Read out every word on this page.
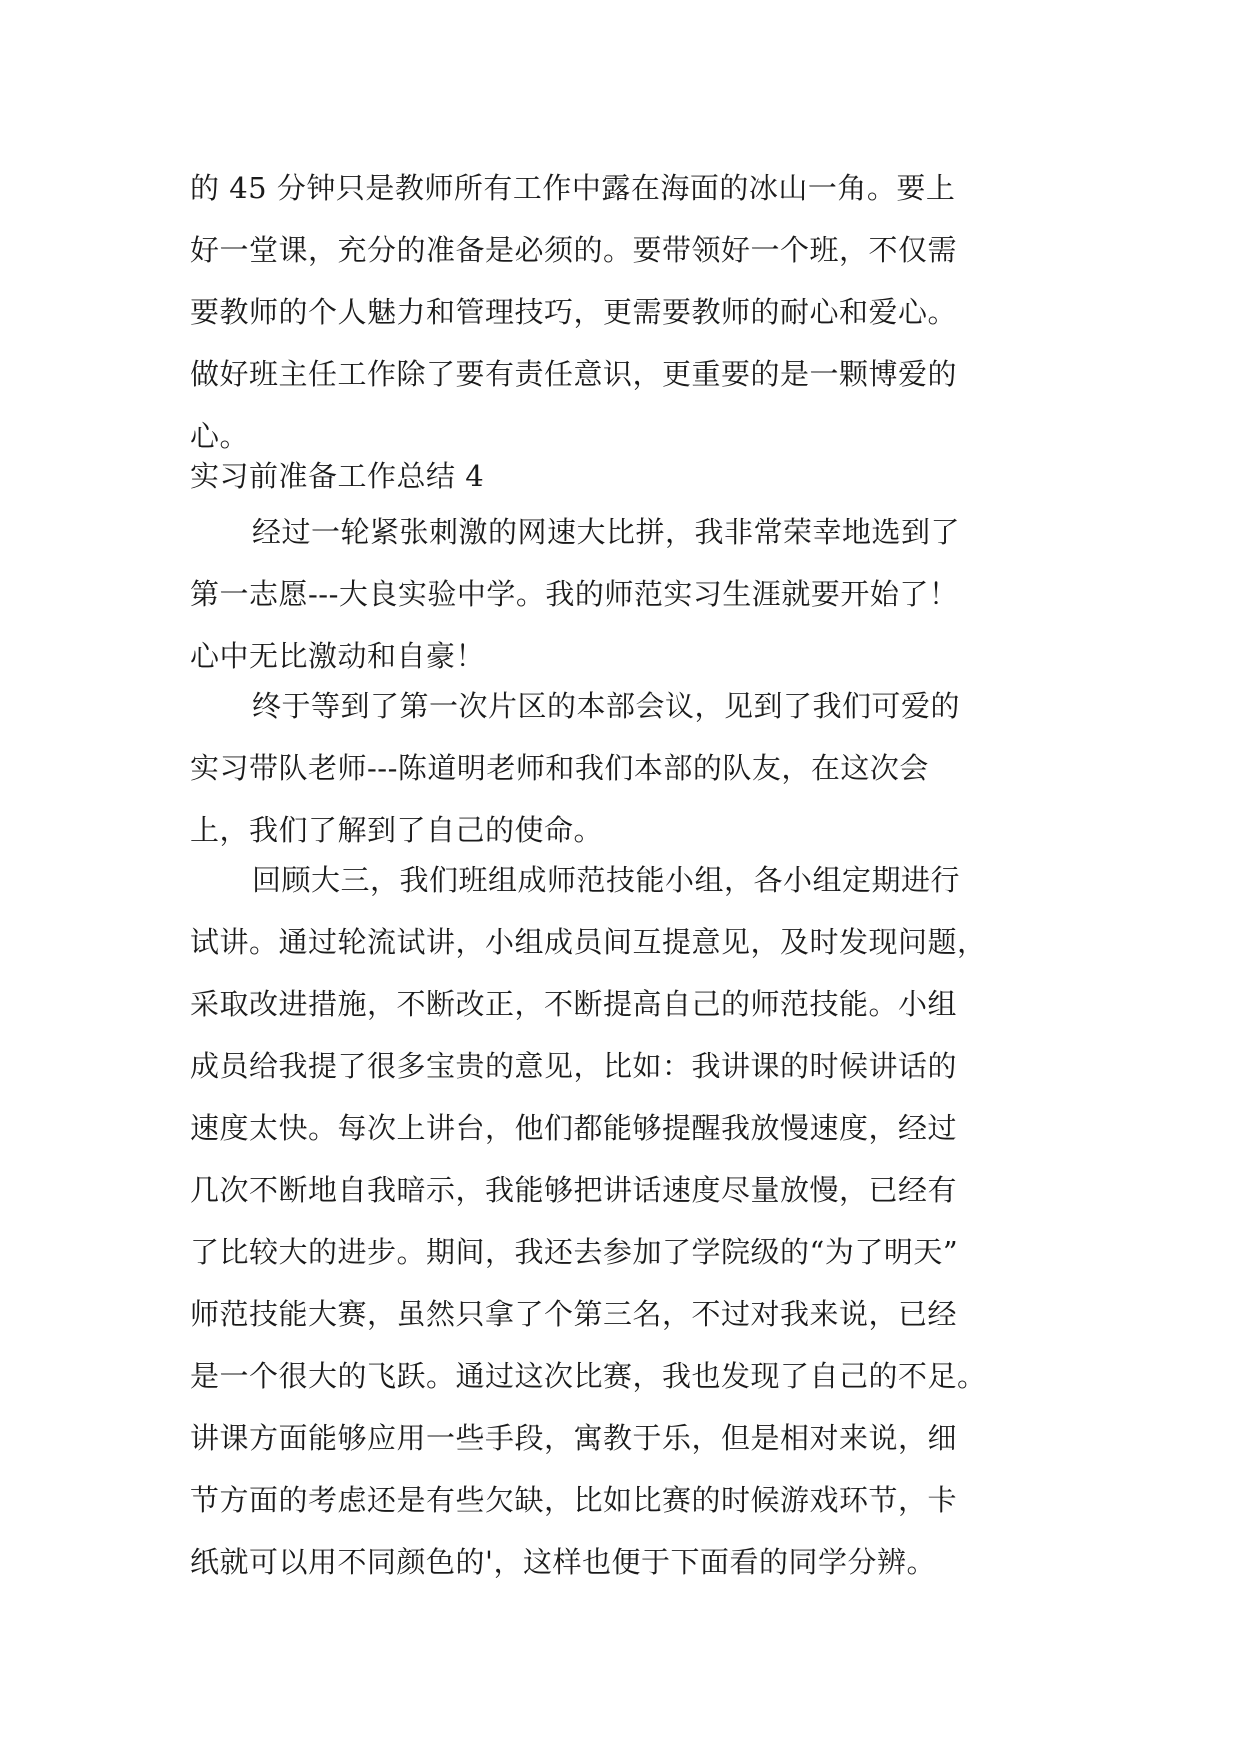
的 45 分钟只是教师所有工作中露在海面的冰山一角。要上
好一堂课，充分的准备是必须的。要带领好一个班，不仅需
要教师的个人魅力和管理技巧，更需要教师的耐心和爱心。
做好班主任工作除了要有责任意识，更重要的是一颗博爱的
心。
实习前准备工作总结 4
经过一轮紧张刺激的网速大比拼，我非常荣幸地选到了
第一志愿---大良实验中学。我的师范实习生涯就要开始了！
心中无比激动和自豪！
终于等到了第一次片区的本部会议，见到了我们可爱的
实习带队老师---陈道明老师和我们本部的队友，在这次会
上，我们了解到了自己的使命。
回顾大三，我们班组成师范技能小组，各小组定期进行
试讲。通过轮流试讲，小组成员间互提意见，及时发现问题，
采取改进措施，不断改正，不断提高自己的师范技能。小组
成员给我提了很多宝贵的意见，比如：我讲课的时候讲话的
速度太快。每次上讲台，他们都能够提醒我放慢速度，经过
几次不断地自我暗示，我能够把讲话速度尽量放慢，已经有
了比较大的进步。期间，我还去参加了学院级的“为了明天”
师范技能大赛，虽然只拿了个第三名，不过对我来说，已经
是一个很大的飞跃。通过这次比赛，我也发现了自己的不足。
讲课方面能够应用一些手段，寓教于乐，但是相对来说，细
节方面的考虑还是有些欠缺，比如比赛的时候游戏环节，卡
纸就可以用不同颜色的'，这样也便于下面看的同学分辨。
